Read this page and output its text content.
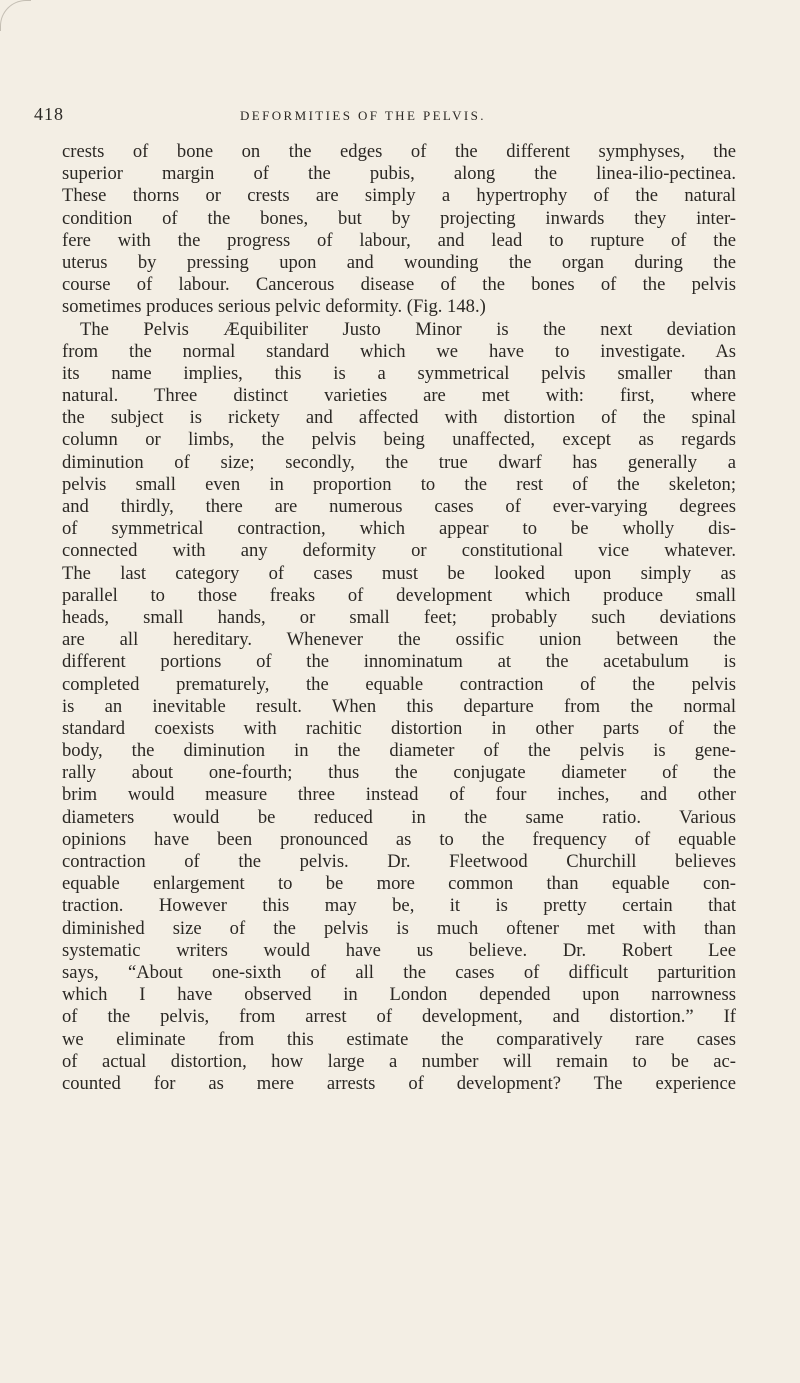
418	DEFORMITIES OF THE PELVIS.
crests of bone on the edges of the different symphyses, the
superior margin of the pubis, along the linea-ilio-pectinea.
These thorns or crests are simply a hypertrophy of the natural
condition of the bones, but by projecting inwards they inter-
fere with the progress of labour, and lead to rupture of the
uterus by pressing upon and wounding the organ during the
course of labour. Cancerous disease of the bones of the pelvis
sometimes produces serious pelvic deformity. (Fig. 148.)
The Pelvis Æquibiliter Justo Minor is the next deviation
from the normal standard which we have to investigate. As
its name implies, this is a symmetrical pelvis smaller than
natural. Three distinct varieties are met with: first, where
the subject is rickety and affected with distortion of the spinal
column or limbs, the pelvis being unaffected, except as regards
diminution of size; secondly, the true dwarf has generally a
pelvis small even in proportion to the rest of the skeleton;
and thirdly, there are numerous cases of ever-varying degrees
of symmetrical contraction, which appear to be wholly dis-
connected with any deformity or constitutional vice whatever.
The last category of cases must be looked upon simply as
parallel to those freaks of development which produce small
heads, small hands, or small feet; probably such deviations
are all hereditary. Whenever the ossific union between the
different portions of the innominatum at the acetabulum is
completed prematurely, the equable contraction of the pelvis
is an inevitable result. When this departure from the normal
standard coexists with rachitic distortion in other parts of the
body, the diminution in the diameter of the pelvis is gene-
rally about one-fourth; thus the conjugate diameter of the
brim would measure three instead of four inches, and other
diameters would be reduced in the same ratio. Various
opinions have been pronounced as to the frequency of equable
contraction of the pelvis. Dr. Fleetwood Churchill believes
equable enlargement to be more common than equable con-
traction. However this may be, it is pretty certain that
diminished size of the pelvis is much oftener met with than
systematic writers would have us believe. Dr. Robert Lee
says, “About one-sixth of all the cases of difficult parturition
which I have observed in London depended upon narrowness
of the pelvis, from arrest of development, and distortion.” If
we eliminate from this estimate the comparatively rare cases
of actual distortion, how large a number will remain to be ac-
counted for as mere arrests of development? The experience
